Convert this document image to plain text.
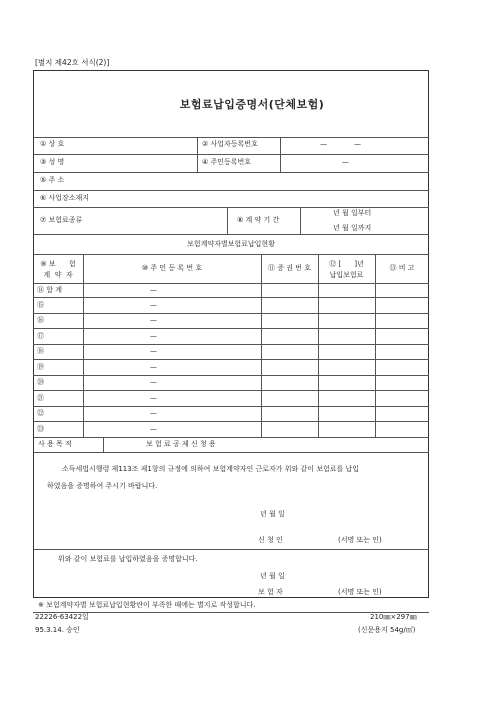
[별지 제42호 서식(2)]
보험료납입증명서(단체보험)
① 상 호	② 사업자등록번호	—	—
③ 성 명	④ 주민등록번호	—
⑤ 주 소
⑥ 사업장소재지
⑦ 보험료종류	⑧ 계 약 기 간
년 월 일부터
년 월 일까지
보험계약자별보험료납입현황
⑨ 보      험
계  약  자
⑩ 주 민 등 록 번 호	⑪ 증 권 번 호	⑫ [      ]년
납입보험료
⑬ 비 고
⑭ 합 계	—
⑮	—
⑯	—
⑰	—
⑱	—
⑲	—
⑳	—
㉑	—
㉒	—
㉓	—
사 용 목 적	보 험 료 공 제 신 청 용
소득세법시행령 제113조 제1항의 규정에 의하여 보험계약자인 근로자가 위와 같이 보험료를 납입
하였음을 증명하여 주시기 바랍니다.
년 월 일
신 청 인	(서명 또는 인)
위와 같이 보험료를 납입하였음을 증명합니다.
년 월 일
보 험 자	(서명 또는 인)
※ 보험계약자별 보험료납입현황란이 부족한 때에는 별지로 작성합니다.
22226-63422일	210㎜×297㎜
95.3.14. 승인	(신문용지 54g/㎡)
